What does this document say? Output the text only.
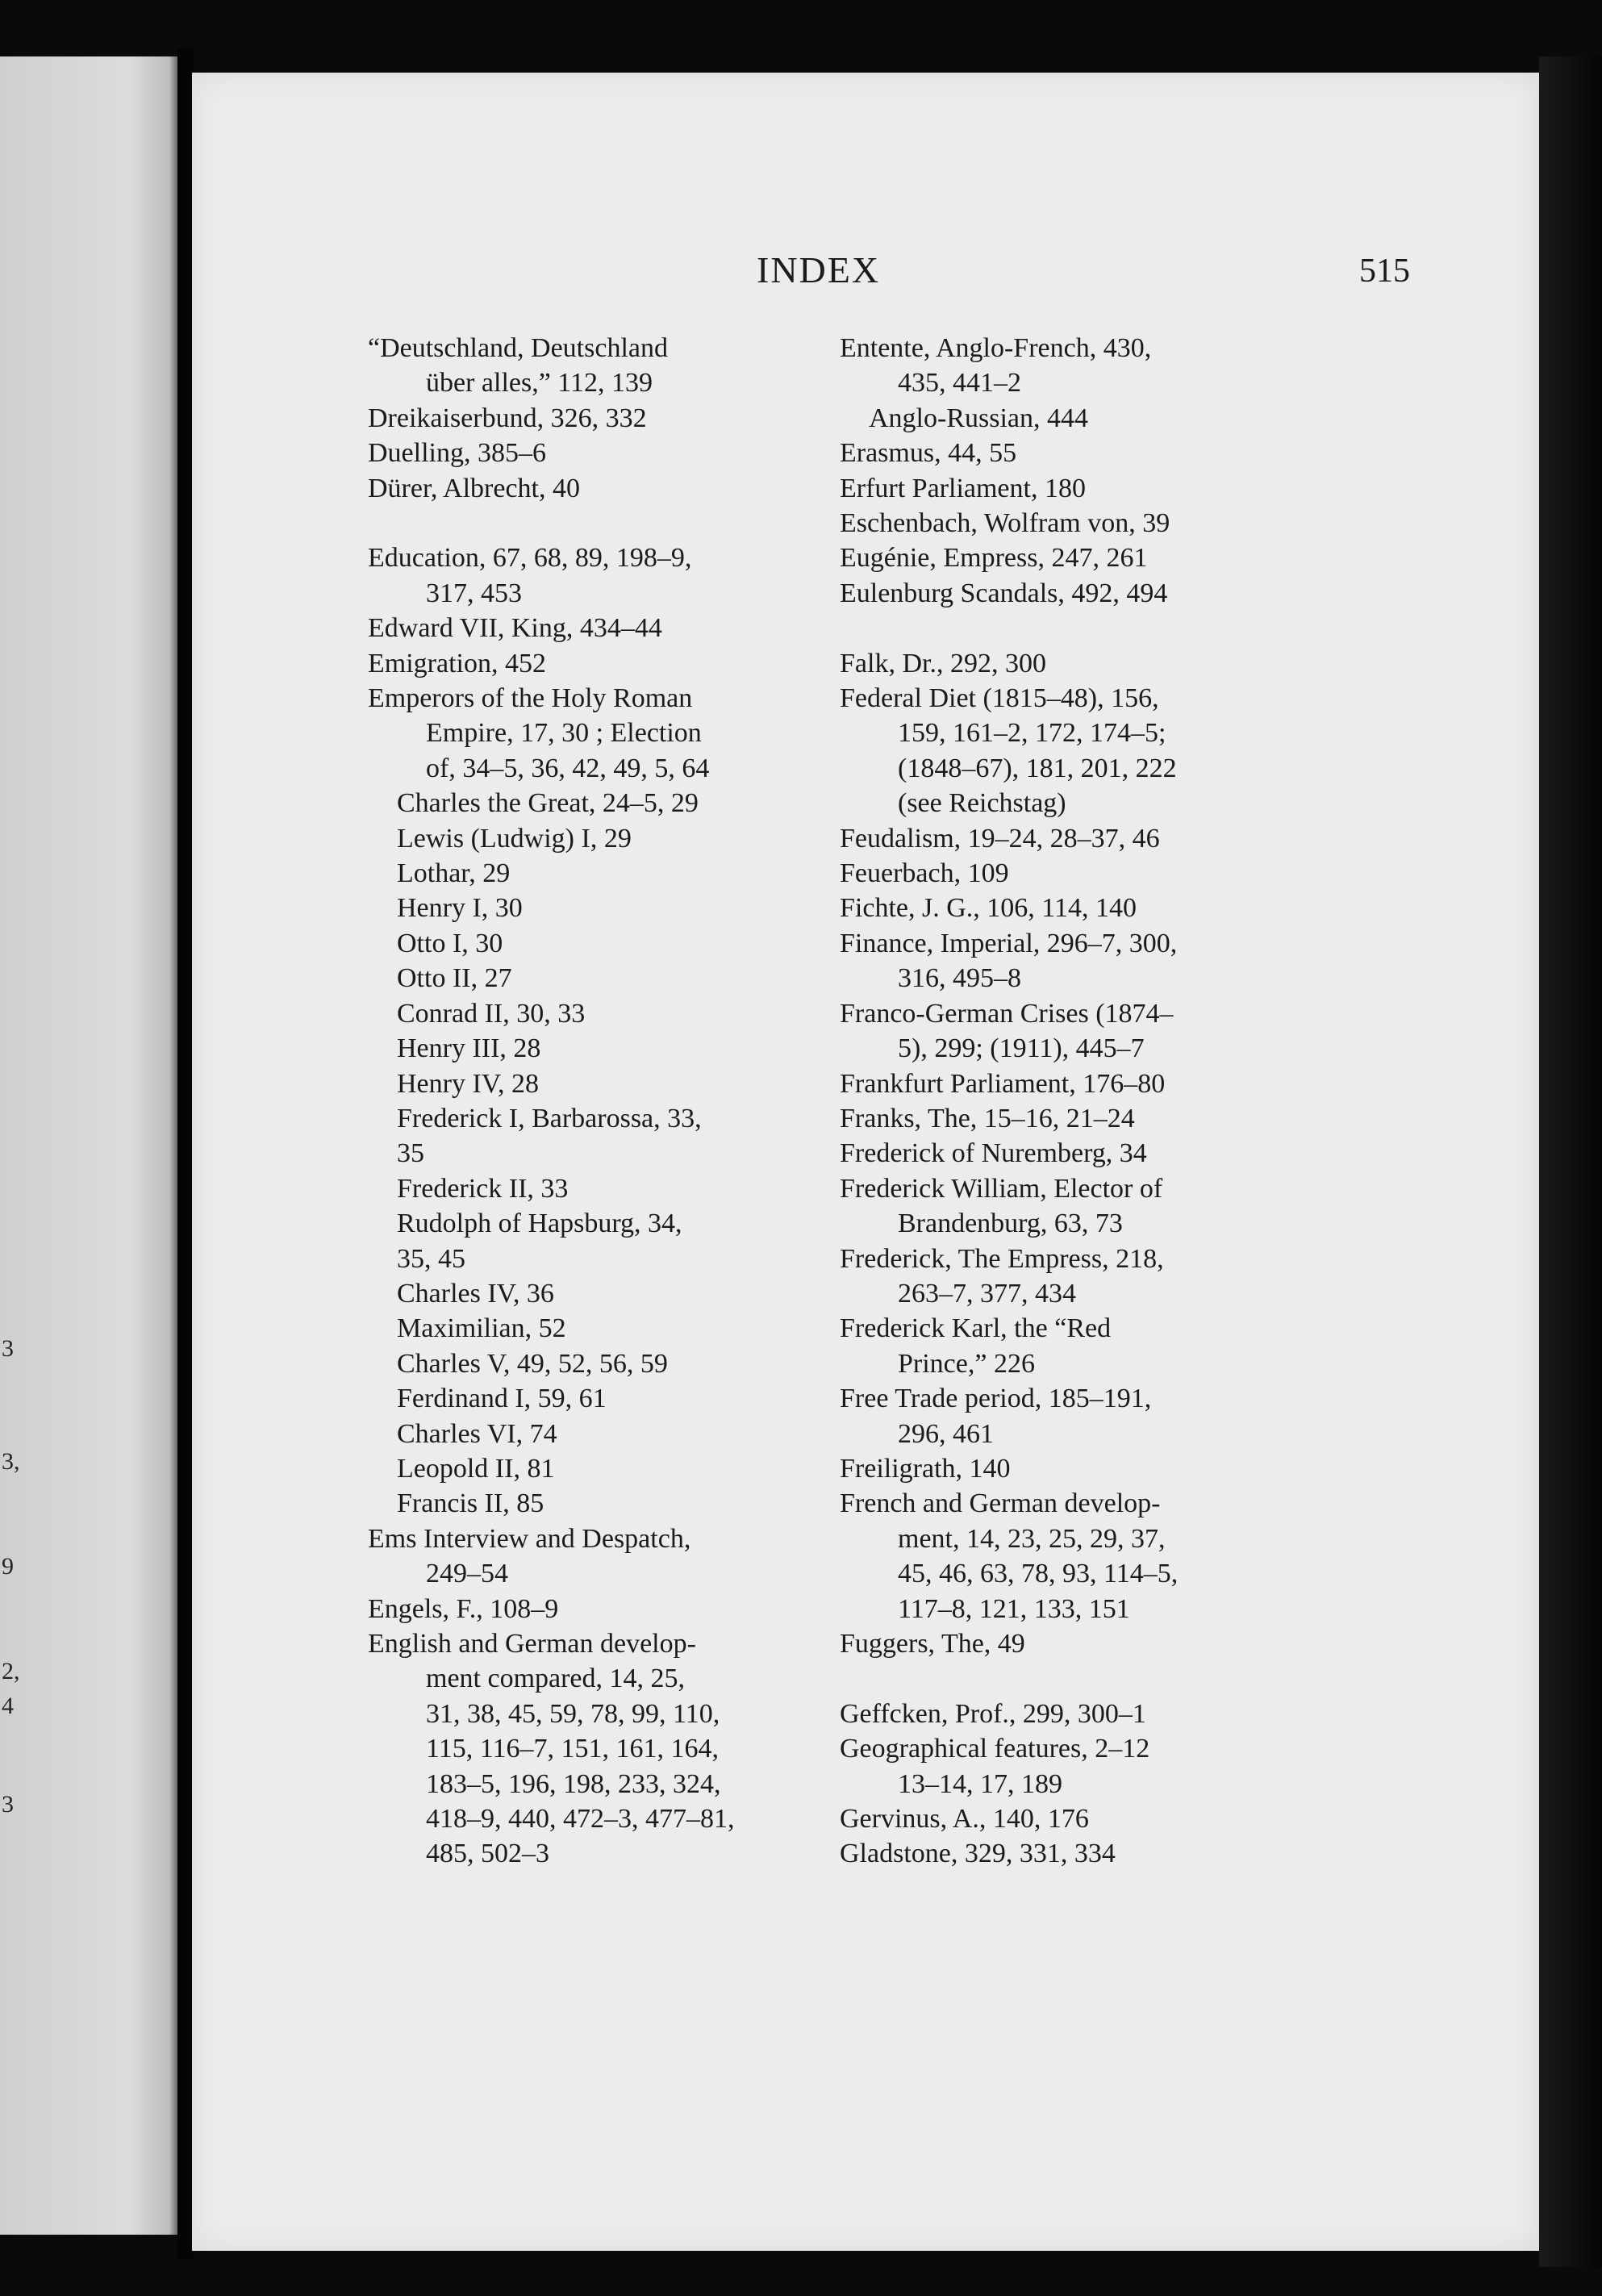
3
3,
9
2,
4
3
INDEX	515
“Deutschland, Deutschland
über alles,” 112, 139
Dreikaiserbund, 326, 332
Duelling, 385–6
Dürer, Albrecht, 40
Education, 67, 68, 89, 198–9,
317, 453
Edward VII, King, 434–44
Emigration, 452
Emperors of the Holy Roman
Empire, 17, 30 ; Election
of, 34–5, 36, 42, 49, 5, 64
Charles the Great, 24–5, 29
Lewis (Ludwig) I, 29
Lothar, 29
Henry I, 30
Otto I, 30
Otto II, 27
Conrad II, 30, 33
Henry III, 28
Henry IV, 28
Frederick I, Barbarossa, 33,
35
Frederick II, 33
Rudolph of Hapsburg, 34,
35, 45
Charles IV, 36
Maximilian, 52
Charles V, 49, 52, 56, 59
Ferdinand I, 59, 61
Charles VI, 74
Leopold II, 81
Francis II, 85
Ems Interview and Despatch,
249–54
Engels, F., 108–9
English and German develop-
ment compared, 14, 25,
31, 38, 45, 59, 78, 99, 110,
115, 116–7, 151, 161, 164,
183–5, 196, 198, 233, 324,
418–9, 440, 472–3, 477–81,
485, 502–3
Entente, Anglo-French, 430,
435, 441–2
Anglo-Russian, 444
Erasmus, 44, 55
Erfurt Parliament, 180
Eschenbach, Wolfram von, 39
Eugénie, Empress, 247, 261
Eulenburg Scandals, 492, 494
Falk, Dr., 292, 300
Federal Diet (1815–48), 156,
159, 161–2, 172, 174–5;
(1848–67), 181, 201, 222
(see Reichstag)
Feudalism, 19–24, 28–37, 46
Feuerbach, 109
Fichte, J. G., 106, 114, 140
Finance, Imperial, 296–7, 300,
316, 495–8
Franco-German Crises (1874–
5), 299; (1911), 445–7
Frankfurt Parliament, 176–80
Franks, The, 15–16, 21–24
Frederick of Nuremberg, 34
Frederick William, Elector of
Brandenburg, 63, 73
Frederick, The Empress, 218,
263–7, 377, 434
Frederick Karl, the “Red
Prince,” 226
Free Trade period, 185–191,
296, 461
Freiligrath, 140
French and German develop-
ment, 14, 23, 25, 29, 37,
45, 46, 63, 78, 93, 114–5,
117–8, 121, 133, 151
Fuggers, The, 49
Geffcken, Prof., 299, 300–1
Geographical features, 2–12
13–14, 17, 189
Gervinus, A., 140, 176
Gladstone, 329, 331, 334
